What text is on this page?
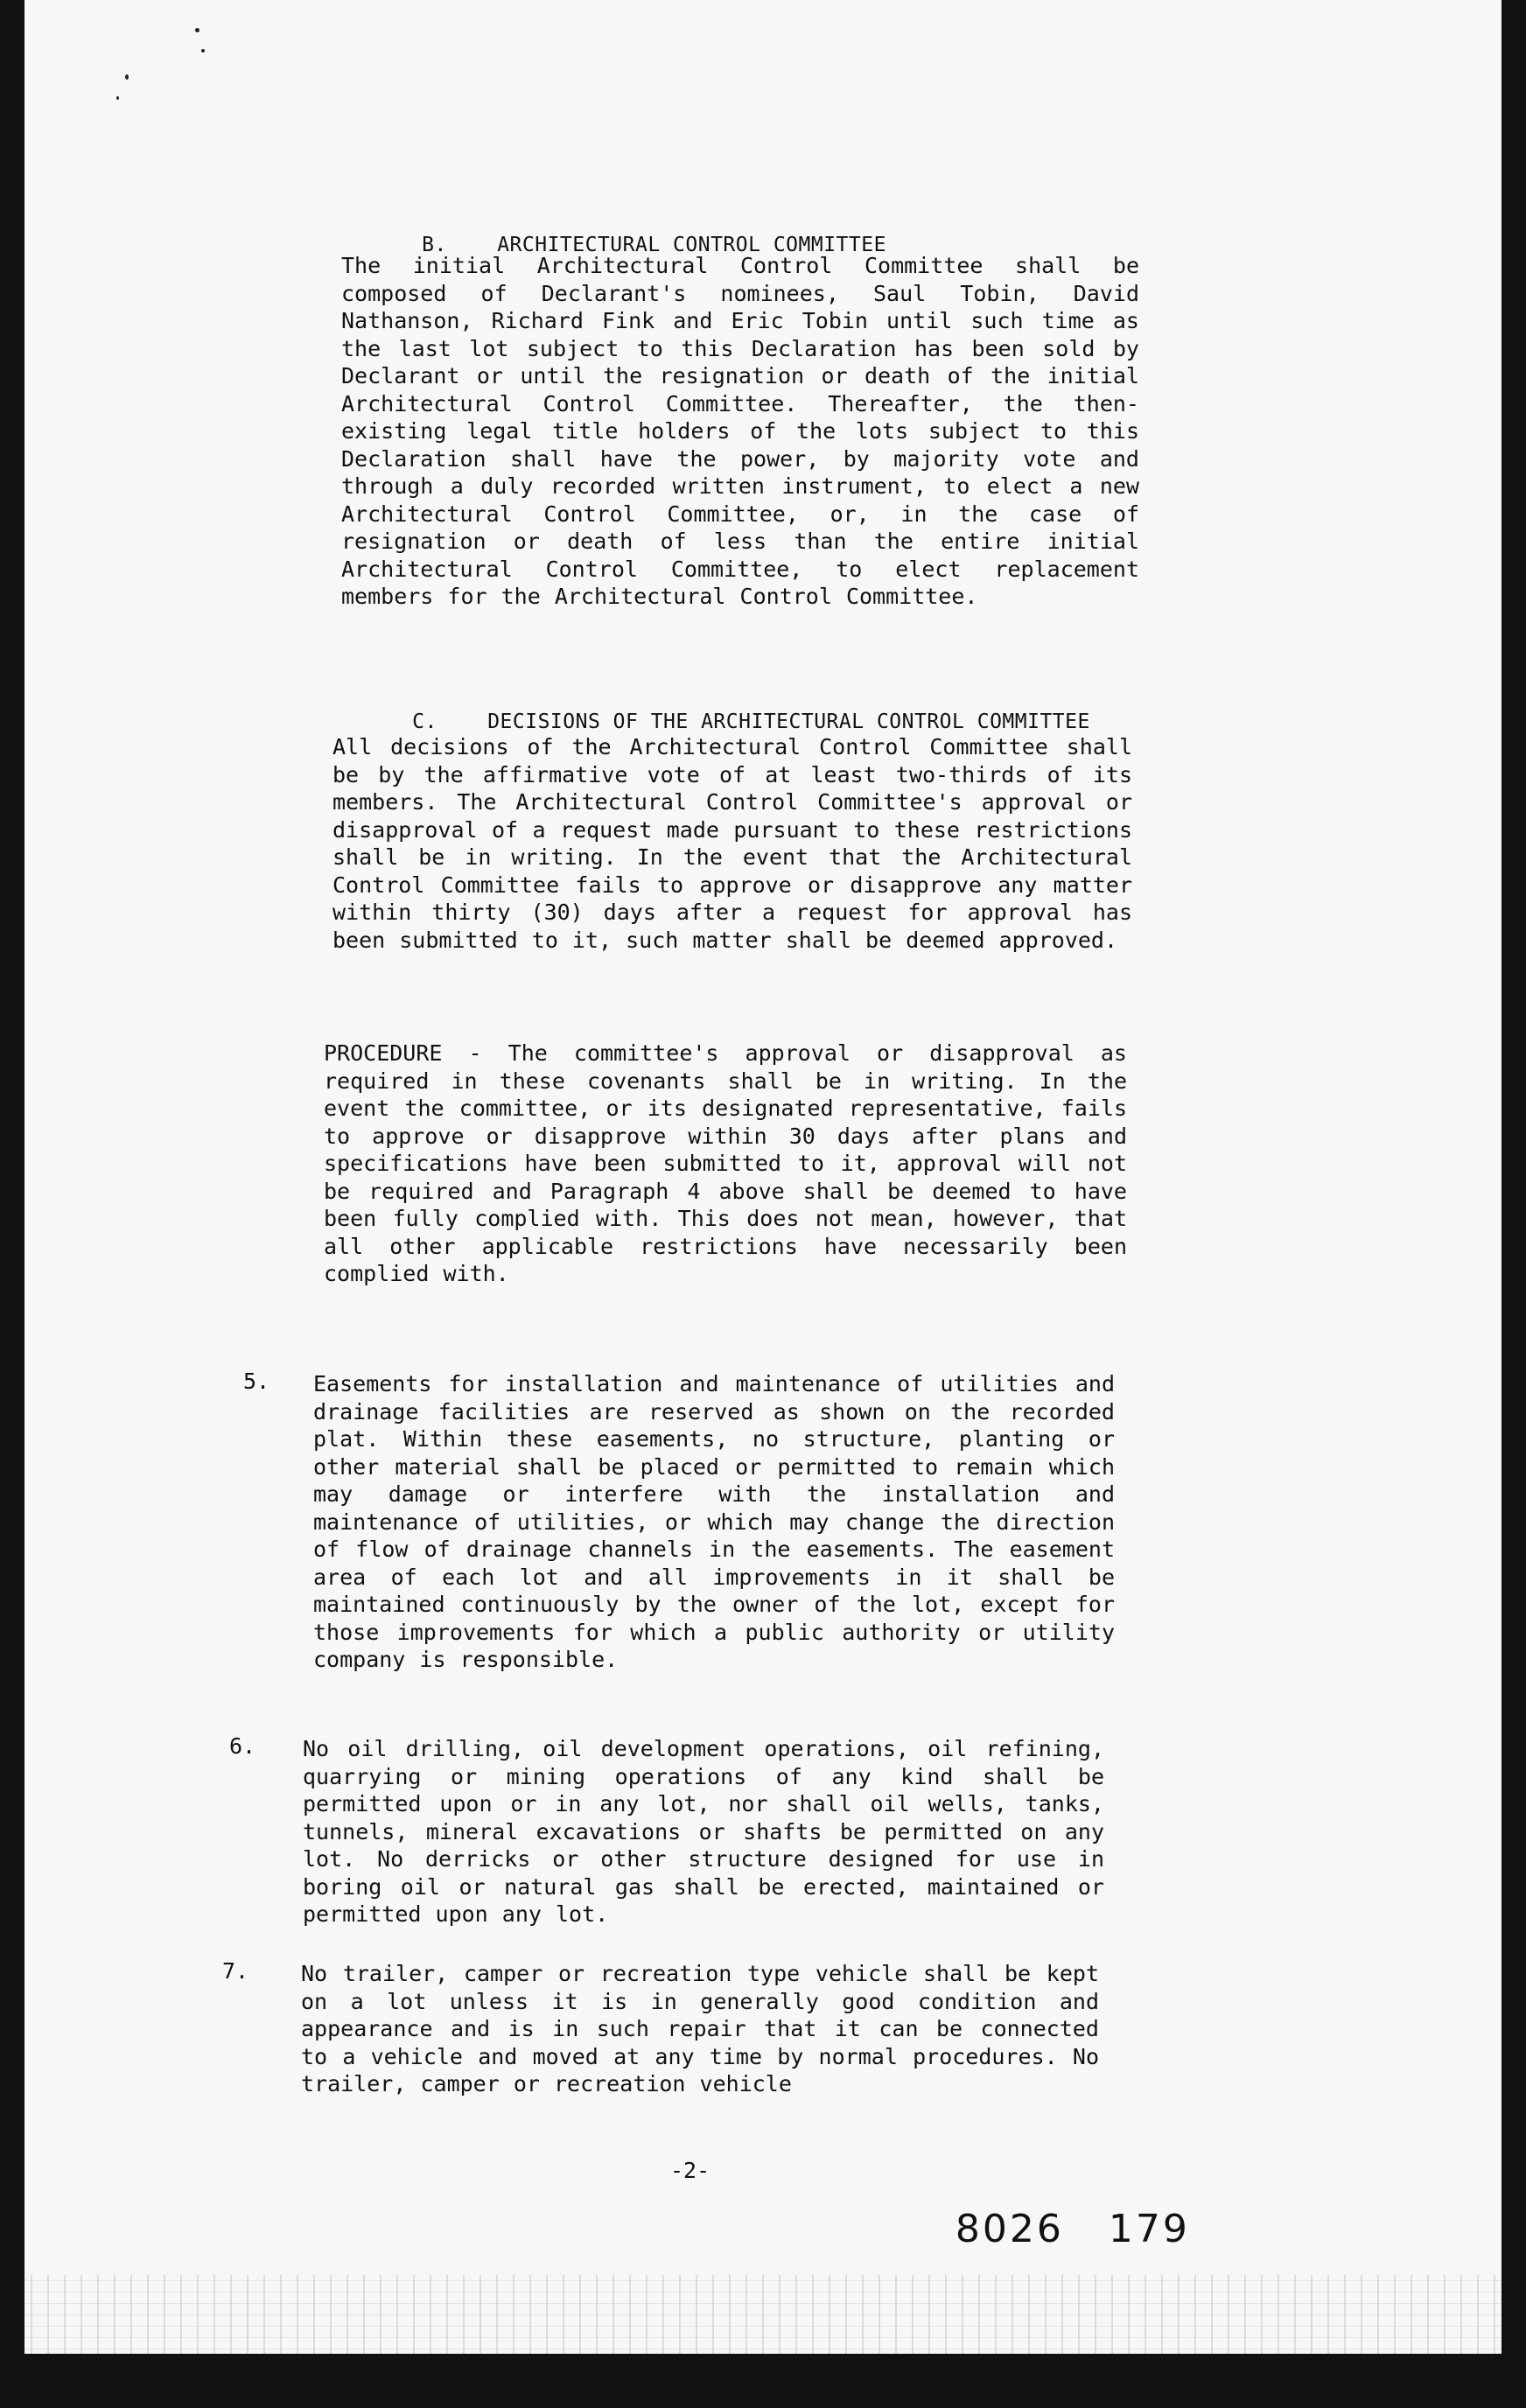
B. ARCHITECTURAL CONTROL COMMITTEE

The initial Architectural Control Committee shall be composed of Declarant's nominees, Saul Tobin, David Nathanson, Richard Fink and Eric Tobin until such time as the last lot subject to this Declaration has been sold by Declarant or until the resignation or death of the initial Architectural Control Committee. Thereafter, the then-existing legal title holders of the lots subject to this Declaration shall have the power, by majority vote and through a duly recorded written instrument, to elect a new Architectural Control Committee, or, in the case of resignation or death of less than the entire initial Architectural Control Committee, to elect replacement members for the Architectural Control Committee.

C. DECISIONS OF THE ARCHITECTURAL CONTROL COMMITTEE

All decisions of the Architectural Control Committee shall be by the affirmative vote of at least two-thirds of its members. The Architectural Control Committee's approval or disapproval of a request made pursuant to these restrictions shall be in writing. In the event that the Architectural Control Committee fails to approve or disapprove any matter within thirty (30) days after a request for approval has been submitted to it, such matter shall be deemed approved.
PROCEDURE - The committee's approval or disapproval as required in these covenants shall be in writing. In the event the committee, or its designated representative, fails to approve or disapprove within 30 days after plans and specifications have been submitted to it, approval will not be required and Paragraph 4 above shall be deemed to have been fully complied with. This does not mean, however, that all other applicable restrictions have necessarily been complied with.
5. Easements for installation and maintenance of utilities and drainage facilities are reserved as shown on the recorded plat. Within these easements, no structure, planting or other material shall be placed or permitted to remain which may damage or interfere with the installation and maintenance of utilities, or which may change the direction of flow of drainage channels in the easements. The easement area of each lot and all improvements in it shall be maintained continuously by the owner of the lot, except for those improvements for which a public authority or utility company is responsible.
6. No oil drilling, oil development operations, oil refining, quarrying or mining operations of any kind shall be permitted upon or in any lot, nor shall oil wells, tanks, tunnels, mineral excavations or shafts be permitted on any lot. No derricks or other structure designed for use in boring oil or natural gas shall be erected, maintained or permitted upon any lot.
7. No trailer, camper or recreation type vehicle shall be kept on a lot unless it is in generally good condition and appearance and is in such repair that it can be connected to a vehicle and moved at any time by normal procedures. No trailer, camper or recreation vehicle
-2-

8026 179
